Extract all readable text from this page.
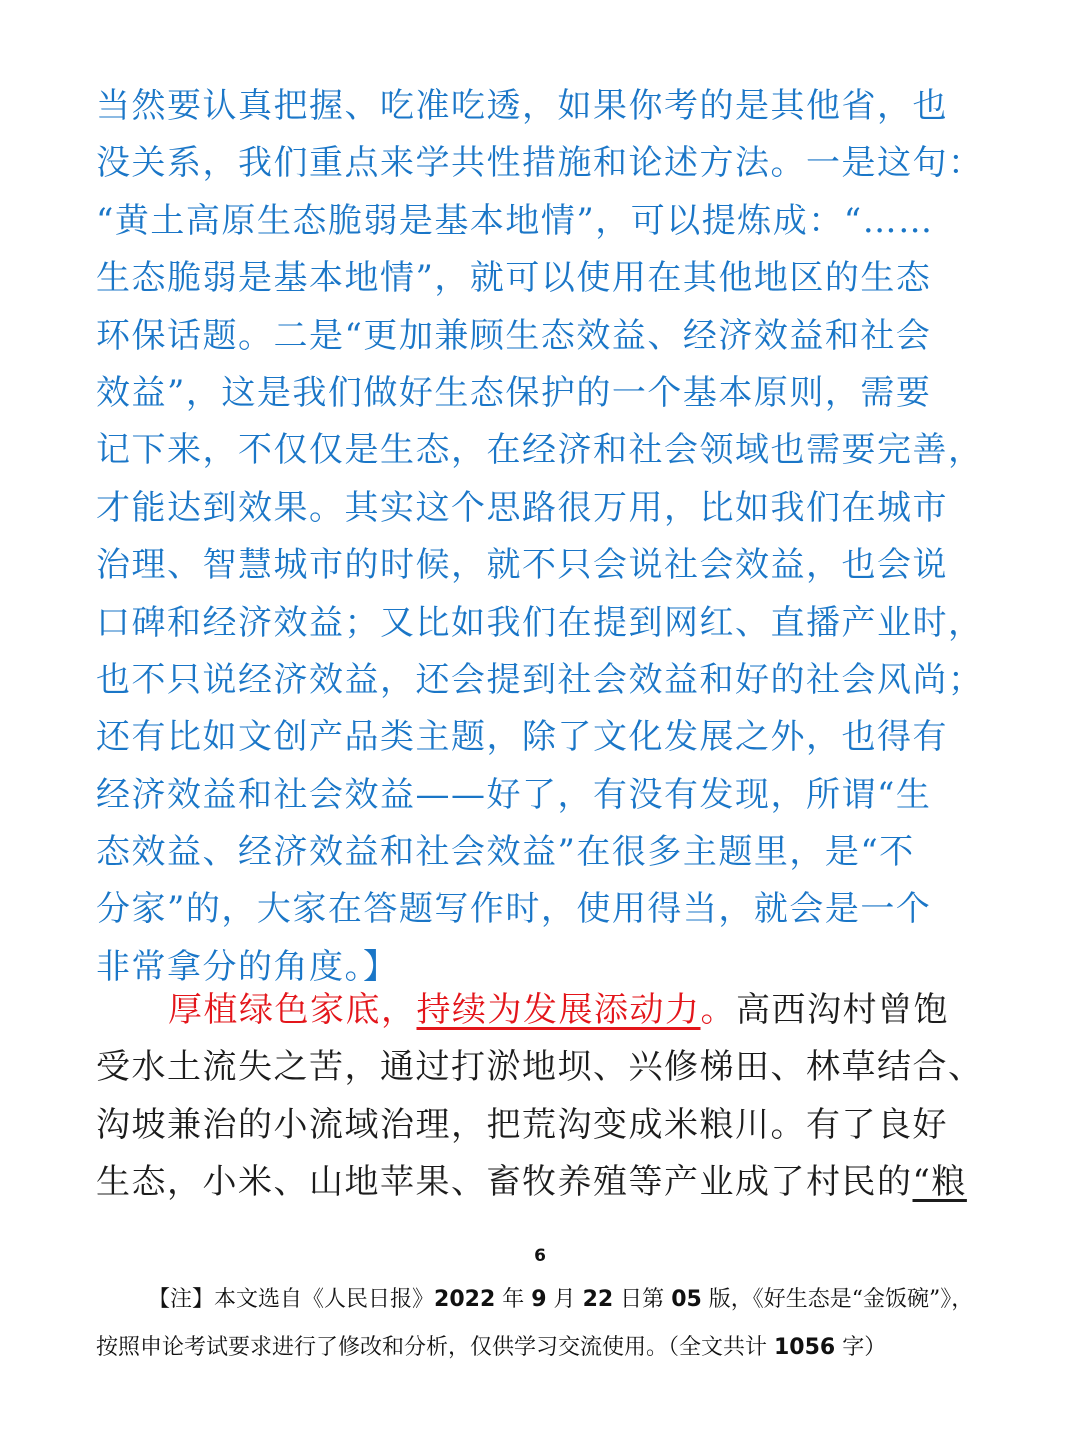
当然要认真把握、吃准吃透，如果你考的是其他省，也
没关系，我们重点来学共性措施和论述方法。一是这句：
“黄土高原生态脆弱是基本地情”，可以提炼成：“……
生态脆弱是基本地情”，就可以使用在其他地区的生态
环保话题。二是“更加兼顾生态效益、经济效益和社会
效益”，这是我们做好生态保护的一个基本原则，需要
记下来，不仅仅是生态，在经济和社会领域也需要完善，
才能达到效果。其实这个思路很万用，比如我们在城市
治理、智慧城市的时候，就不只会说社会效益，也会说
口碑和经济效益；又比如我们在提到网红、直播产业时，
也不只说经济效益，还会提到社会效益和好的社会风尚；
还有比如文创产品类主题，除了文化发展之外，也得有
经济效益和社会效益——好了，有没有发现，所谓“生
态效益、经济效益和社会效益”在很多主题里，是“不
分家”的，大家在答题写作时，使用得当，就会是一个
非常拿分的角度。】
厚植绿色家底，持续为发展添动力。高西沟村曾饱
受水土流失之苦，通过打淤地坝、兴修梯田、林草结合、
沟坡兼治的小流域治理，把荒沟变成米粮川。有了良好
生态，小米、山地苹果、畜牧养殖等产业成了村民的“粮
6
【注】本文选自《人民日报》2022 年 9 月 22 日第 05 版，《好生态是“金饭碗”》，
按照申论考试要求进行了修改和分析，仅供学习交流使用。（全文共计 1056 字）
